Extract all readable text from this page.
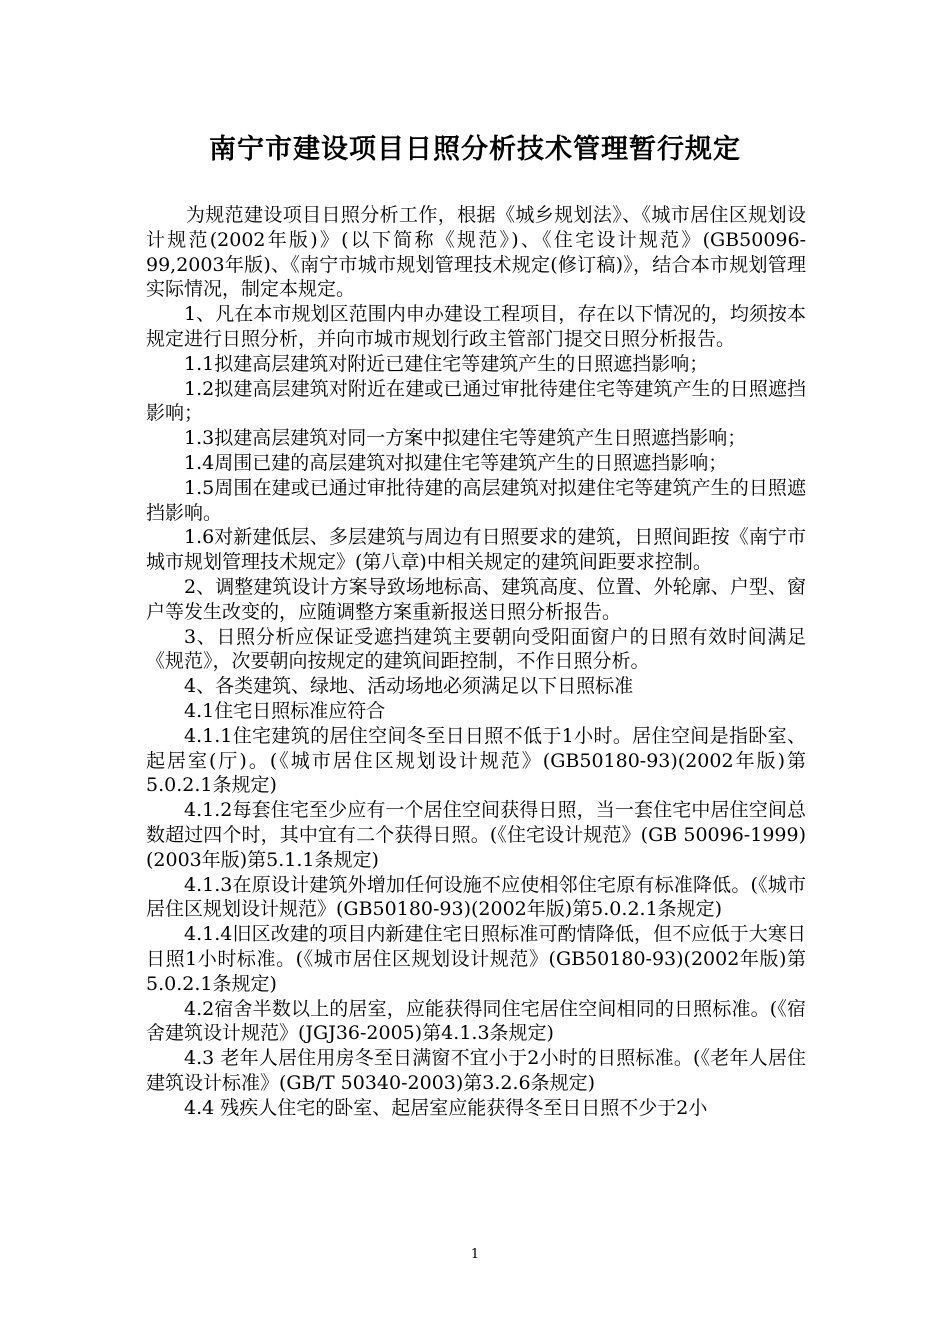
南宁市建设项目日照分析技术管理暂行规定

为规范建设项目日照分析工作，根据《城乡规划法》、《城市居住区规划设计规范(2002年版)》(以下简称《规范》)、《住宅设计规范》(GB50096-99,2003年版)、《南宁市城市规划管理技术规定(修订稿)》，结合本市规划管理实际情况，制定本规定。

1、凡在本市规划区范围内申办建设工程项目，存在以下情况的，均须按本规定进行日照分析，并向市城市规划行政主管部门提交日照分析报告。

1.1拟建高层建筑对附近已建住宅等建筑产生的日照遮挡影响；

1.2拟建高层建筑对附近在建或已通过审批待建住宅等建筑产生的日照遮挡影响；

1.3拟建高层建筑对同一方案中拟建住宅等建筑产生日照遮挡影响；

1.4周围已建的高层建筑对拟建住宅等建筑产生的日照遮挡影响；

1.5周围在建或已通过审批待建的高层建筑对拟建住宅等建筑产生的日照遮挡影响。

1.6对新建低层、多层建筑与周边有日照要求的建筑，日照间距按《南宁市城市规划管理技术规定》(第八章)中相关规定的建筑间距要求控制。

2、调整建筑设计方案导致场地标高、建筑高度、位置、外轮廓、户型、窗户等发生改变的，应随调整方案重新报送日照分析报告。

3、日照分析应保证受遮挡建筑主要朝向受阳面窗户的日照有效时间满足《规范》，次要朝向按规定的建筑间距控制，不作日照分析。

4、各类建筑、绿地、活动场地必须满足以下日照标准

4.1住宅日照标准应符合

4.1.1住宅建筑的居住空间冬至日日照不低于1小时。居住空间是指卧室、起居室(厅)。(《城市居住区规划设计规范》(GB50180-93)(2002年版)第5.0.2.1条规定)

4.1.2每套住宅至少应有一个居住空间获得日照，当一套住宅中居住空间总数超过四个时，其中宜有二个获得日照。(《住宅设计规范》(GB 50096-1999)(2003年版)第5.1.1条规定)

4.1.3在原设计建筑外增加任何设施不应使相邻住宅原有标准降低。(《城市居住区规划设计规范》(GB50180-93)(2002年版)第5.0.2.1条规定)

4.1.4旧区改建的项目内新建住宅日照标准可酌情降低，但不应低于大寒日日照1小时标准。(《城市居住区规划设计规范》(GB50180-93)(2002年版)第5.0.2.1条规定)

4.2宿舍半数以上的居室，应能获得同住宅居住空间相同的日照标准。(《宿舍建筑设计规范》(JGJ36-2005)第4.1.3条规定)

4.3 老年人居住用房冬至日满窗不宜小于2小时的日照标准。(《老年人居住建筑设计标准》(GB/T 50340-2003)第3.2.6条规定)

4.4 残疾人住宅的卧室、起居室应能获得冬至日日照不少于2小

1
